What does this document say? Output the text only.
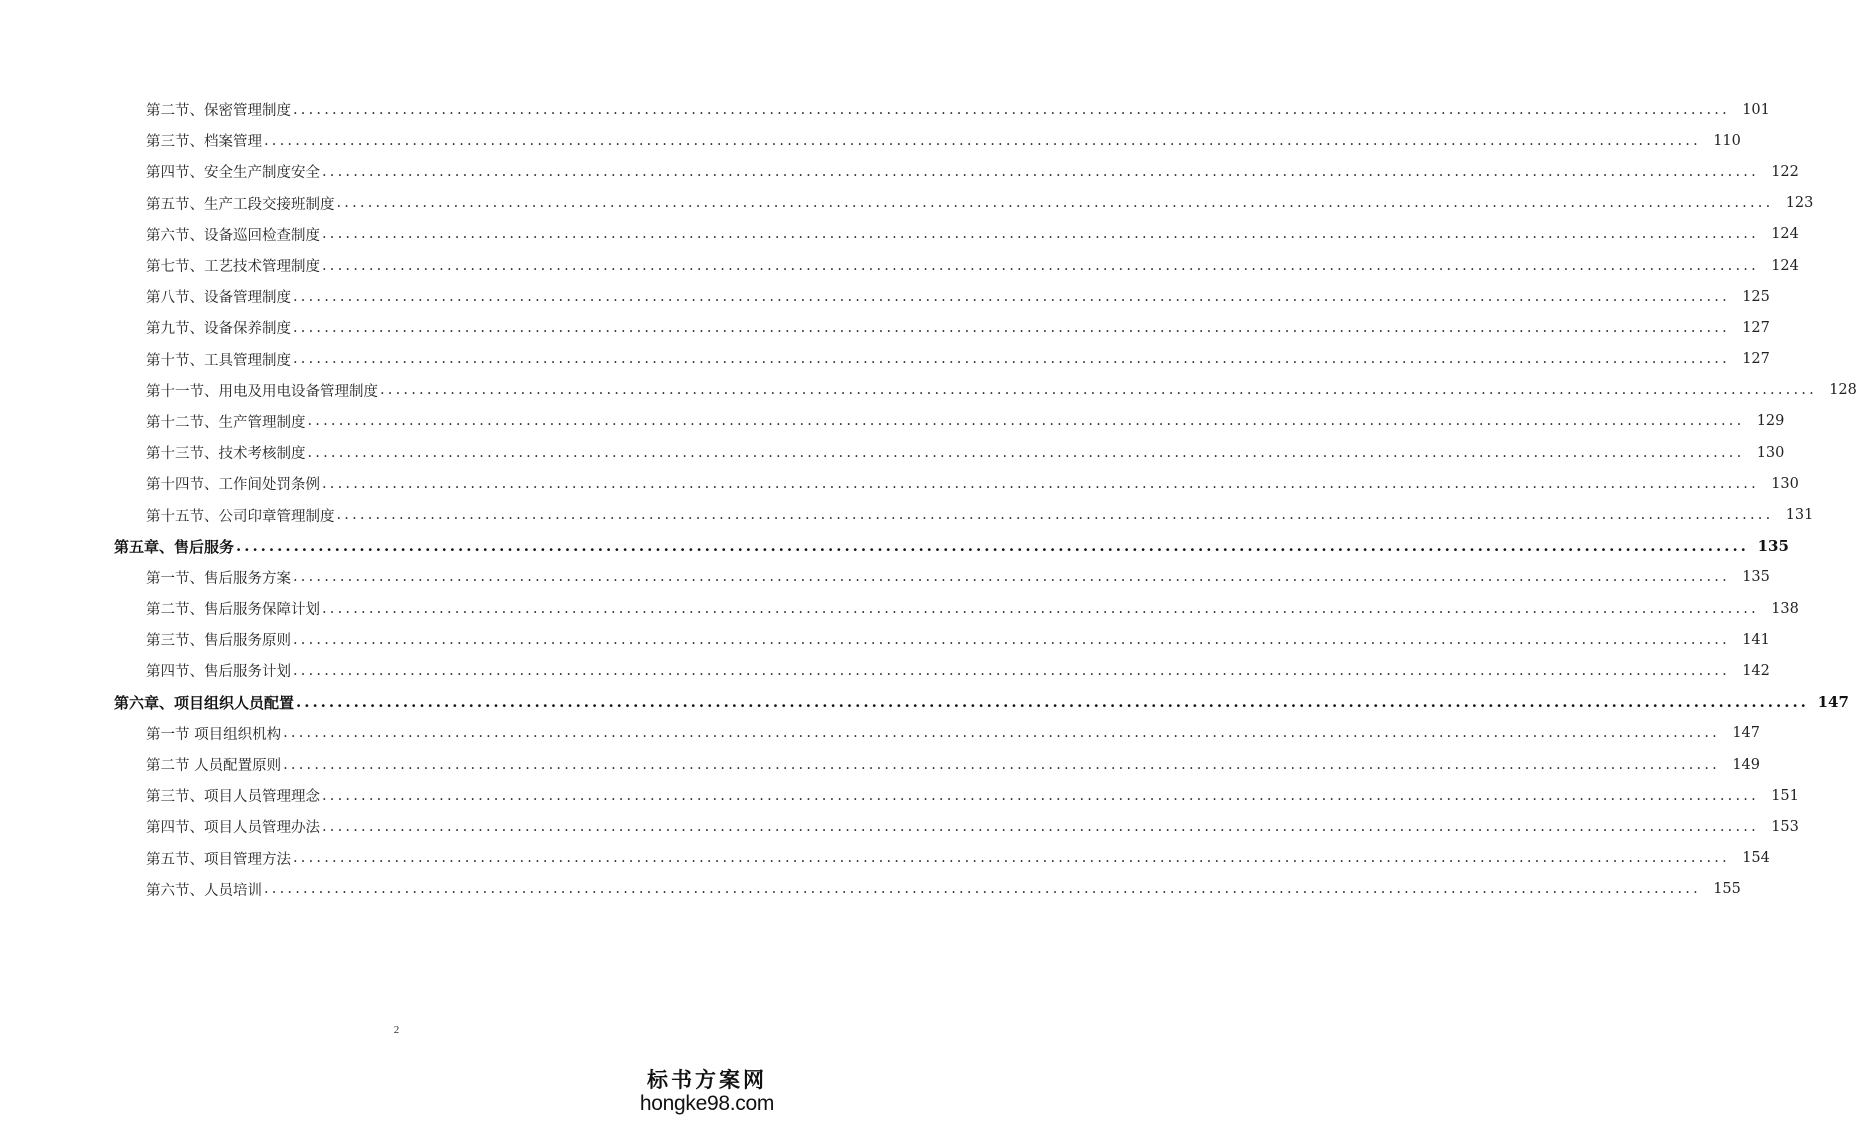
第二节、保密管理制度 ........................................................................................................................................................................................ 101
第三节、档案管理 ........................................................................................................................................................................................ 110
第四节、安全生产制度安全 ........................................................................................................................................................................................ 122
第五节、生产工段交接班制度 ........................................................................................................................................................................................ 123
第六节、设备巡回检查制度 ........................................................................................................................................................................................ 124
第七节、工艺技术管理制度 ........................................................................................................................................................................................ 124
第八节、设备管理制度 ........................................................................................................................................................................................ 125
第九节、设备保养制度 ........................................................................................................................................................................................ 127
第十节、工具管理制度 ........................................................................................................................................................................................ 127
第十一节、用电及用电设备管理制度 ........................................................................................................................................................................................ 128
第十二节、生产管理制度 ........................................................................................................................................................................................ 129
第十三节、技术考核制度 ........................................................................................................................................................................................ 130
第十四节、工作间处罚条例 ........................................................................................................................................................................................ 130
第十五节、公司印章管理制度 ........................................................................................................................................................................................ 131
第五章、售后服务 ........................................................................................................................................................................................ 135
第一节、售后服务方案 ........................................................................................................................................................................................ 135
第二节、售后服务保障计划 ........................................................................................................................................................................................ 138
第三节、售后服务原则 ........................................................................................................................................................................................ 141
第四节、售后服务计划 ........................................................................................................................................................................................ 142
第六章、项目组织人员配置 ........................................................................................................................................................................................ 147
第一节 项目组织机构 ........................................................................................................................................................................................ 147
第二节 人员配置原则 ........................................................................................................................................................................................ 149
第三节、项目人员管理理念 ........................................................................................................................................................................................ 151
第四节、项目人员管理办法 ........................................................................................................................................................................................ 153
第五节、项目管理方法 ........................................................................................................................................................................................ 154
第六节、人员培训 ........................................................................................................................................................................................ 155
2
标书方案网
hongke98.com
